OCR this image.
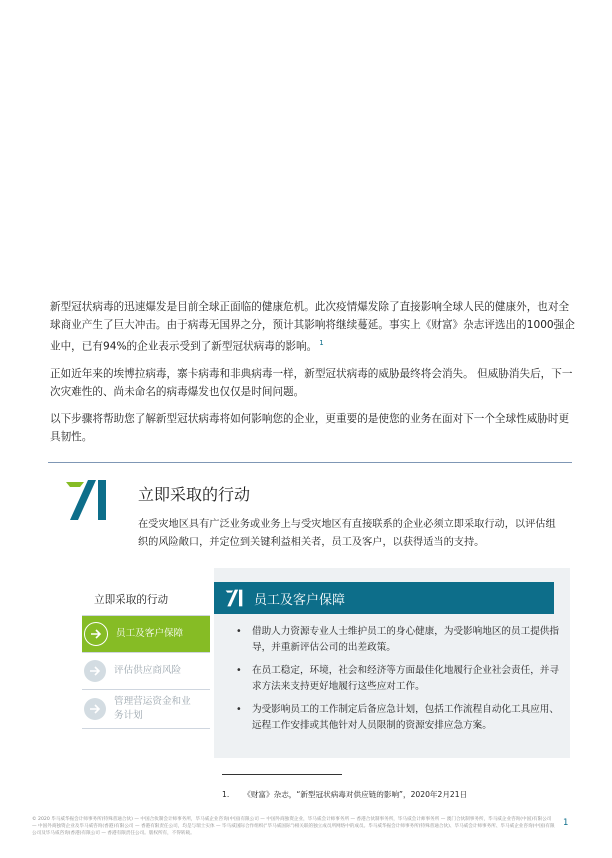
新型冠状病毒的迅速爆发是目前全球正面临的健康危机。此次疫情爆发除了直接影响全球人民的健康外，也对全球商业产生了巨大冲击。由于病毒无国界之分，预计其影响将继续蔓延。事实上《财富》杂志评选出的1000强企业中，已有94%的企业表示受到了新型冠状病毒的影响。 $^1$

正如近年来的埃博拉病毒，寨卡病毒和非典病毒一样，新型冠状病毒的威胁最终将会消失。 但威胁消失后，下一次灾难性的、尚未命名的病毒爆发也仅仅是时间问题。

以下步骤将帮助您了解新型冠状病毒将如何影响您的企业，更重要的是使您的业务在面对下一个全球性威胁时更具韧性。

立即采取的行动
在受灾地区具有广泛业务或业务上与受灾地区有直接联系的企业必须立即采取行动，以评估组织的风险敞口，并定位到关键利益相关者，员工及客户，以获得适当的支持。
立即采取的行动
员工及客户保障
评估供应商风险
管理营运资金和业务计划
员工及客户保障
• 借助人力资源专业人士维护员工的身心健康，为受影响地区的员工提供指导，并重新评估公司的出差政策。
• 在员工稳定，环境，社会和经济等方面最佳化地履行企业社会责任，并寻求方法来支持更好地履行这些应对工作。
• 为受影响员工的工作制定后备应急计划，包括工作流程自动化工具应用、远程工作安排或其他针对人员限制的资源安排应急方案。
1. 《财富》杂志，“新型冠状病毒对供应链的影响”，2020年2月21日
© 2020 毕马威华振会计师事务所(特殊普通合伙) — 中国合伙制会计师事务所，毕马威企业咨询(中国)有限公司 — 中国外商独资企业，毕马威会计师事务所 — 香港合伙制事务所，毕马威会计师事务所 — 澳门合伙制事务所，毕马威企业咨询(中国)有限公司 — 中国外商独资企业及毕马威咨询(香港)有限公司 — 香港有限责任公司，均是与瑞士实体 — 毕马威国际合作组织(“毕马威国际”)相关联的独立成员所网络中的成员。毕马威华振会计师事务所(特殊普通合伙)、毕马威会计师事务所、毕马威企业咨询(中国)有限公司及毕马威咨询(香港)有限公司 — 香港有限责任公司。版权所有，不得转载。
1
